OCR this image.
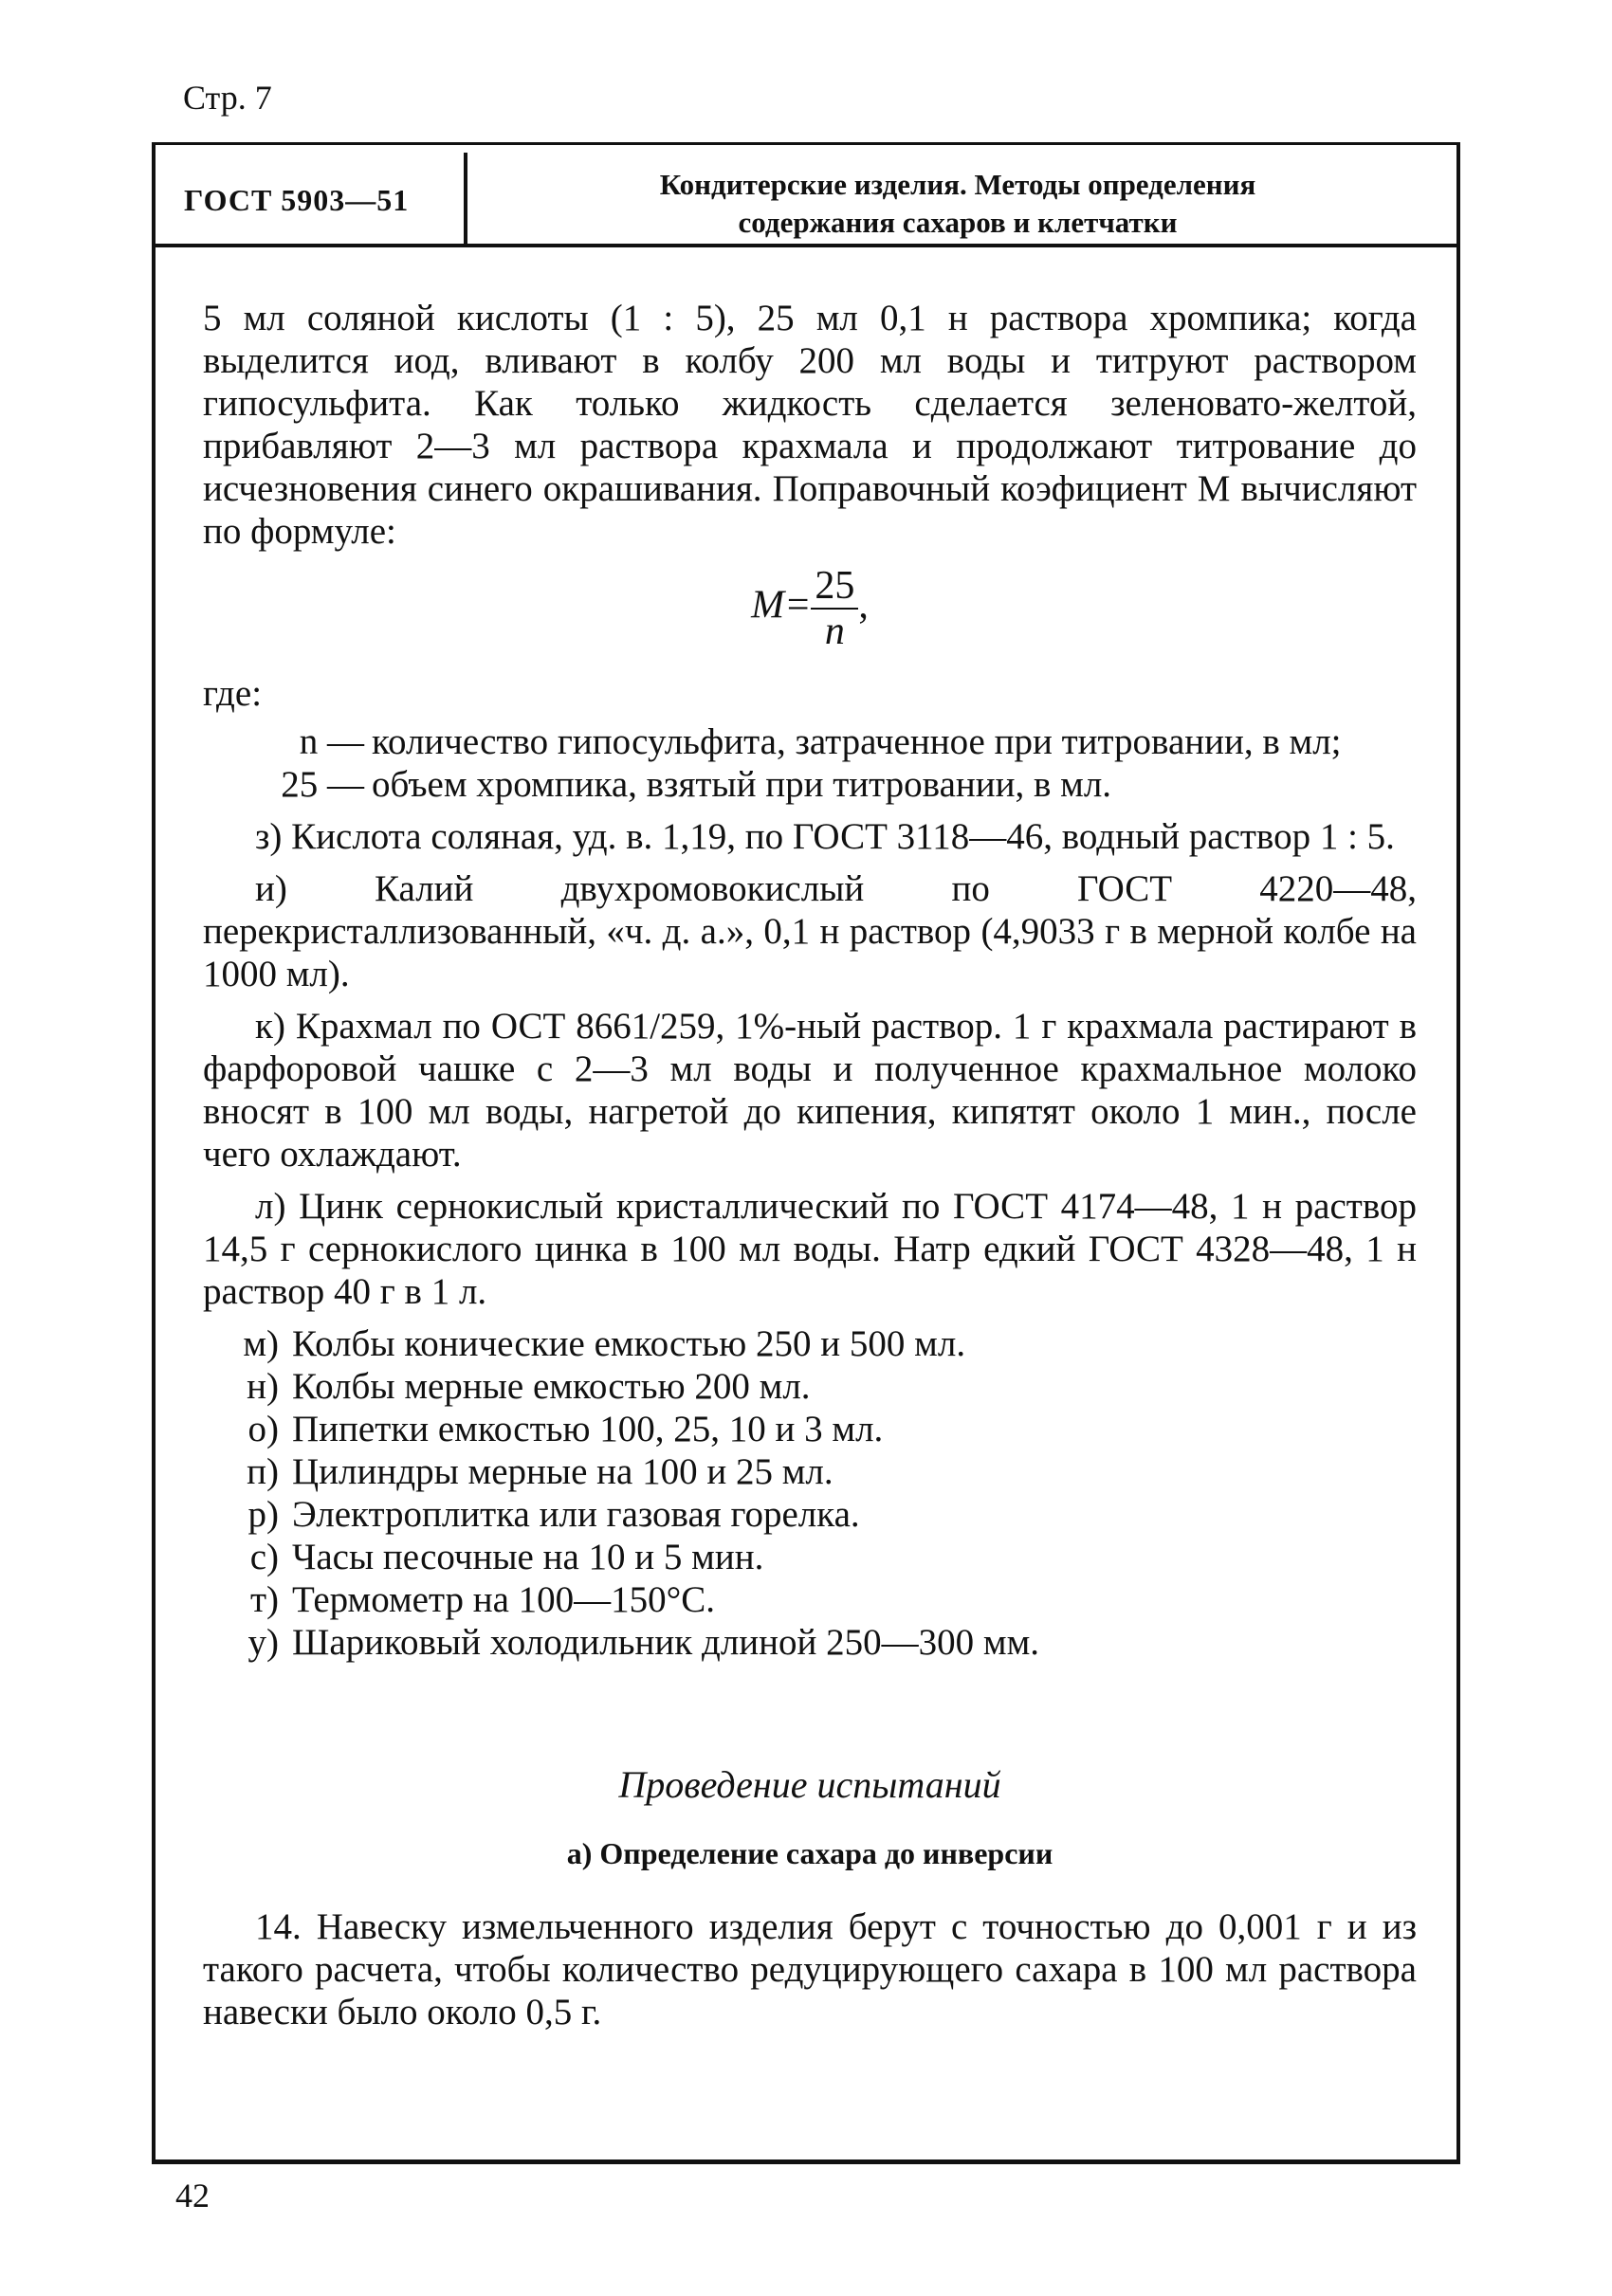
Стр. 7
ГОСТ 5903—51	Кондитерские изделия. Методы определения
содержания сахаров и клетчатки

5 мл соляной кислоты (1 : 5), 25 мл 0,1 н раствора хромпика; когда выделится иод, вливают в колбу 200 мл воды и титруют раствором гипосульфита. Как только жидкость сделается зеленовато-желтой, прибавляют 2—3 мл раствора крахмала и продолжают титрование до исчезновения синего окрашивания. Поправочный коэфициент М вычисляют по формуле:

$M= \frac{25}{n}$ ,
где:
n — количество гипосульфита, затраченное при титровании, в мл;
25 — объем хромпика, взятый при титровании, в мл.

з) Кислота соляная, уд. в. 1,19, по ГОСТ 3118—46, водный раствор 1 : 5.

и) Калий двухромовокислый по ГОСТ 4220—48, перекристаллизованный, «ч. д. а.», 0,1 н раствор (4,9033 г в мерной колбе на 1000 мл).

к) Крахмал по ОСТ 8661/259, 1%-ный раствор. 1 г крахмала растирают в фарфоровой чашке с 2—3 мл воды и полученное крахмальное молоко вносят в 100 мл воды, нагретой до кипения, кипятят около 1 мин., после чего охлаждают.

л) Цинк сернокислый кристаллический по ГОСТ 4174—48, 1 н раствор 14,5 г сернокислого цинка в 100 мл воды. Натр едкий ГОСТ 4328—48, 1 н раствор 40 г в 1 л.

м) Колбы конические емкостью 250 и 500 мл.
н) Колбы мерные емкостью 200 мл.
о) Пипетки емкостью 100, 25, 10 и 3 мл.
п) Цилиндры мерные на 100 и 25 мл.
р) Электроплитка или газовая горелка.
с) Часы песочные на 10 и 5 мин.
т) Термометр на 100—150°С.
у) Шариковый холодильник длиной 250—300 мм.
Проведение испытаний
а) Определение сахара до инверсии

14. Навеску измельченного изделия берут с точностью до 0,001 г и из такого расчета, чтобы количество редуцирующего сахара в 100 мл раствора навески было около 0,5 г.

42
